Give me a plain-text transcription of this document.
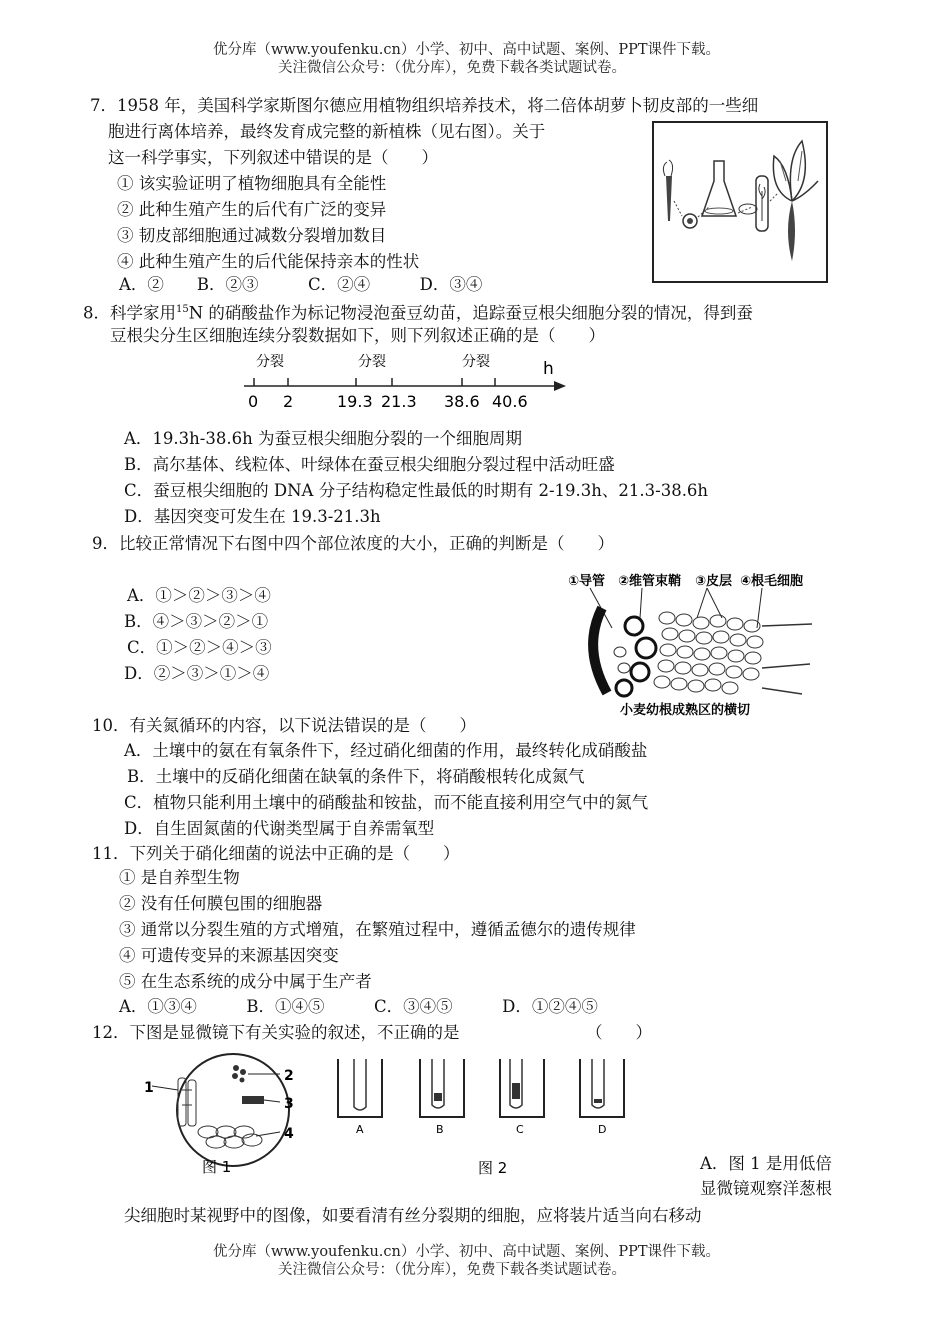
优分库（www.youfenku.cn）小学、初中、高中试题、案例、PPT课件下载。
关注微信公众号：（优分库），免费下载各类试题试卷。
7．1958 年，美国科学家斯图尔德应用植物组织培养技术，将二倍体胡萝卜韧皮部的一些细
胞进行离体培养，最终发育成完整的新植株（见右图）。关于
这一科学事实，下列叙述中错误的是（　　）
① 该实验证明了植物细胞具有全能性
② 此种生殖产生的后代有广泛的变异
③ 韧皮部细胞通过减数分裂增加数目
④ 此种生殖产生的后代能保持亲本的性状
A．②　　B．②③　　　C．②④　　　D．③④
8．科学家用$^{15}$N 的硝酸盐作为标记物浸泡蚕豆幼苗，追踪蚕豆根尖细胞分裂的情况，得到蚕
豆根尖分生区细胞连续分裂数据如下，则下列叙述正确的是（　　）
分裂	分裂	分裂	h
0 2	19.3 21.3 38.6 40.6
A．19.3h-38.6h 为蚕豆根尖细胞分裂的一个细胞周期
B．高尔基体、线粒体、叶绿体在蚕豆根尖细胞分裂过程中活动旺盛
C．蚕豆根尖细胞的 DNA 分子结构稳定性最低的时期有 2-19.3h、21.3-38.6h
D．基因突变可发生在 19.3-21.3h
9．比较正常情况下右图中四个部位浓度的大小，正确的判断是（　　）
A．①＞②＞③＞④
B．④＞③＞②＞①
C．①＞②＞④＞③
D．②＞③＞①＞④
①导管 ②维管束鞘 ③皮层 ④根毛细胞
小麦幼根成熟区的横切
10．有关氮循环的内容，以下说法错误的是（　　）
A．土壤中的氨在有氧条件下，经过硝化细菌的作用，最终转化成硝酸盐
B．土壤中的反硝化细菌在缺氧的条件下，将硝酸根转化成氮气
C．植物只能利用土壤中的硝酸盐和铵盐，而不能直接利用空气中的氮气
D．自生固氮菌的代谢类型属于自养需氧型
11．下列关于硝化细菌的说法中正确的是（　　）
① 是自养型生物
② 没有任何膜包围的细胞器
③ 通常以分裂生殖的方式增殖，在繁殖过程中，遵循孟德尔的遗传规律
④ 可遗传变异的来源基因突变
⑤ 在生态系统的成分中属于生产者
A．①③④　　　B．①④⑤　　　C．③④⑤　　　D．①②④⑤
12．下图是显微镜下有关实验的叙述，不正确的是	（　　）
1
2
3
4
图 1
A	B	C	D
图 2	A．图 1 是用低倍
显微镜观察洋葱根
尖细胞时某视野中的图像，如要看清有丝分裂期的细胞，应将装片适当向右移动
优分库（www.youfenku.cn）小学、初中、高中试题、案例、PPT课件下载。
关注微信公众号：（优分库），免费下载各类试题试卷。
